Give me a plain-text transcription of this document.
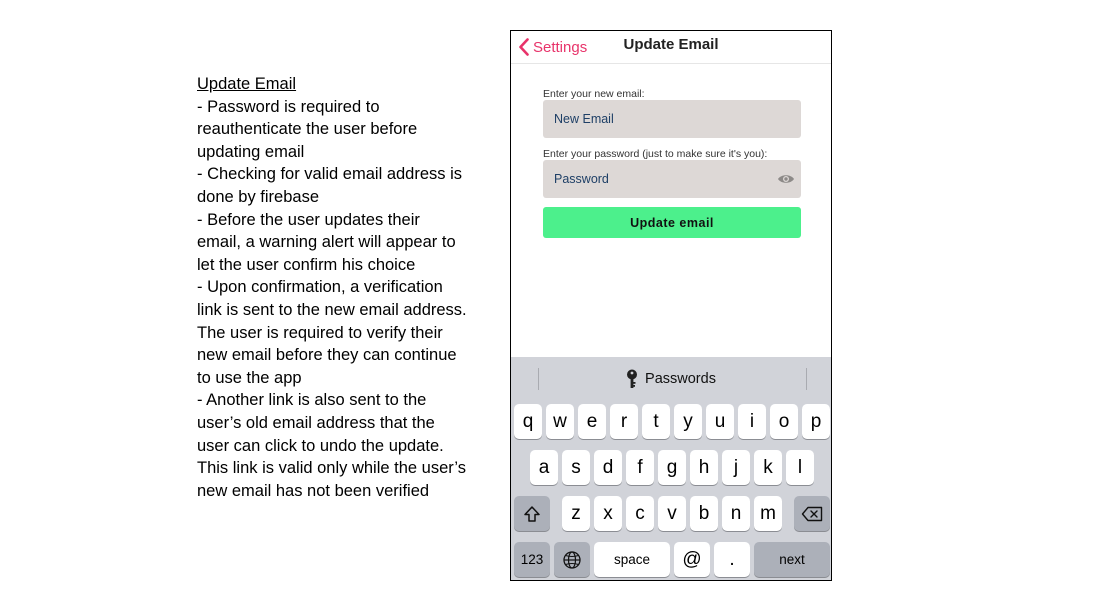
Update Email
- Password is required to reauthenticate the user before updating email
- Checking for valid email address is done by firebase
- Before the user updates their email, a warning alert will appear to let the user confirm his choice
- Upon confirmation, a verification link is sent to the new email address. The user is required to verify their new email before they can continue to use the app
- Another link is also sent to the user’s old email address that the user can click to undo the update. This link is valid only while the user’s new email has not been verified
Settings	Update Email
Enter your new email:
New Email
Enter your password (just to make sure it's you):
Update email
Passwords
q	w	e	r	t	y	u	i	o	p
a	s	d	f	g	h	j	k	l
z	x	c	v	b	n m
123	space	@	.	next
